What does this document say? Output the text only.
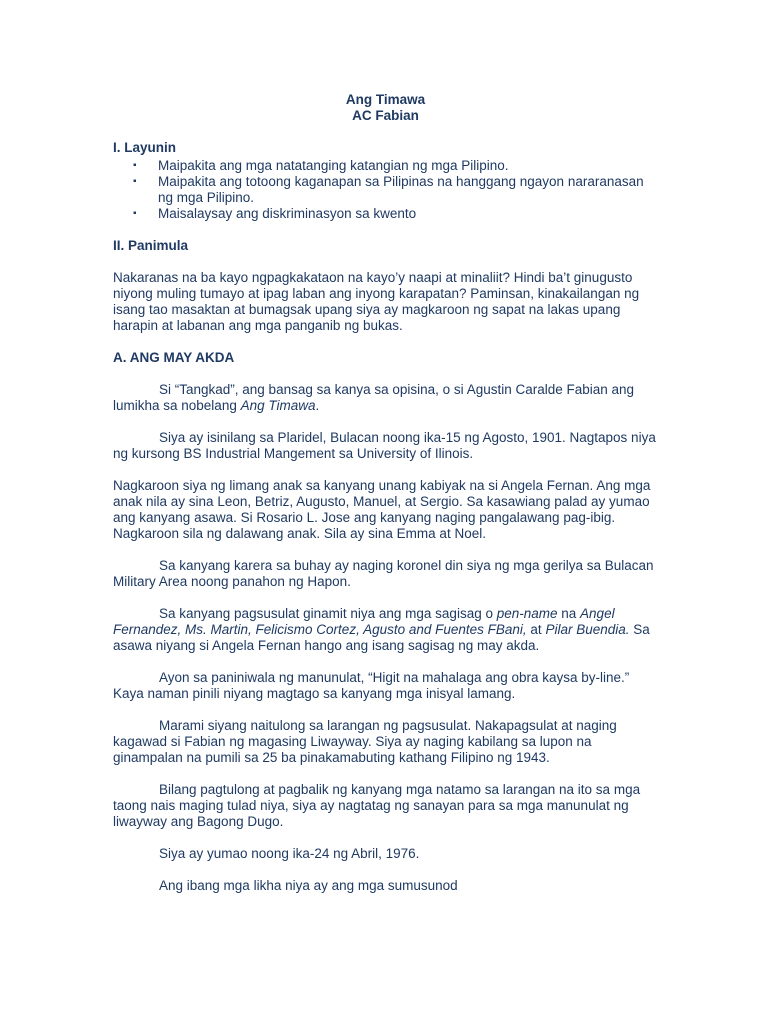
Ang Timawa
AC Fabian
I. Layunin
▪ Maipakita ang mga natatanging katangian ng mga Pilipino.
▪ Maipakita ang totoong kaganapan sa Pilipinas na hanggang ngayon nararanasan ng mga Pilipino.
▪ Maisalaysay ang diskriminasyon sa kwento
II. Panimula

Nakaranas na ba kayo ngpagkakataon na kayo’y naapi at minaliit? Hindi ba’t ginugusto niyong muling tumayo at ipag laban ang inyong karapatan? Paminsan, kinakailangan ng isang tao masaktan at bumagsak upang siya ay magkaroon ng sapat na lakas upang harapin at labanan ang mga panganib ng bukas.

A. ANG MAY AKDA

Si “Tangkad”, ang bansag sa kanya sa opisina, o si Agustin Caralde Fabian ang lumikha sa nobelang Ang Timawa.

Siya ay isinilang sa Plaridel, Bulacan noong ika-15 ng Agosto, 1901. Nagtapos niya ng kursong BS Industrial Mangement sa University of Ilinois.

Nagkaroon siya ng limang anak sa kanyang unang kabiyak na si Angela Fernan. Ang mga anak nila ay sina Leon, Betriz, Augusto, Manuel, at Sergio. Sa kasawiang palad ay yumao ang kanyang asawa. Si Rosario L. Jose ang kanyang naging pangalawang pag-ibig. Nagkaroon sila ng dalawang anak. Sila ay sina Emma at Noel.

Sa kanyang karera sa buhay ay naging koronel din siya ng mga gerilya sa Bulacan Military Area noong panahon ng Hapon.

Sa kanyang pagsusulat ginamit niya ang mga sagisag o pen-name na Angel Fernandez, Ms. Martin, Felicismo Cortez, Agusto and Fuentes FBani, at Pilar Buendia. Sa asawa niyang si Angela Fernan hango ang isang sagisag ng may akda.

Ayon sa paniniwala ng manunulat, “Higit na mahalaga ang obra kaysa by-line.” Kaya naman pinili niyang magtago sa kanyang mga inisyal lamang.

Marami siyang naitulong sa larangan ng pagsusulat. Nakapagsulat at naging kagawad si Fabian ng magasing Liwayway. Siya ay naging kabilang sa lupon na ginampalan na pumili sa 25 ba pinakamabuting kathang Filipino ng 1943.

Bilang pagtulong at pagbalik ng kanyang mga natamo sa larangan na ito sa mga taong nais maging tulad niya, siya ay nagtatag ng sanayan para sa mga manunulat ng liwayway ang Bagong Dugo.

Siya ay yumao noong ika-24 ng Abril, 1976.

Ang ibang mga likha niya ay ang mga sumusunod
